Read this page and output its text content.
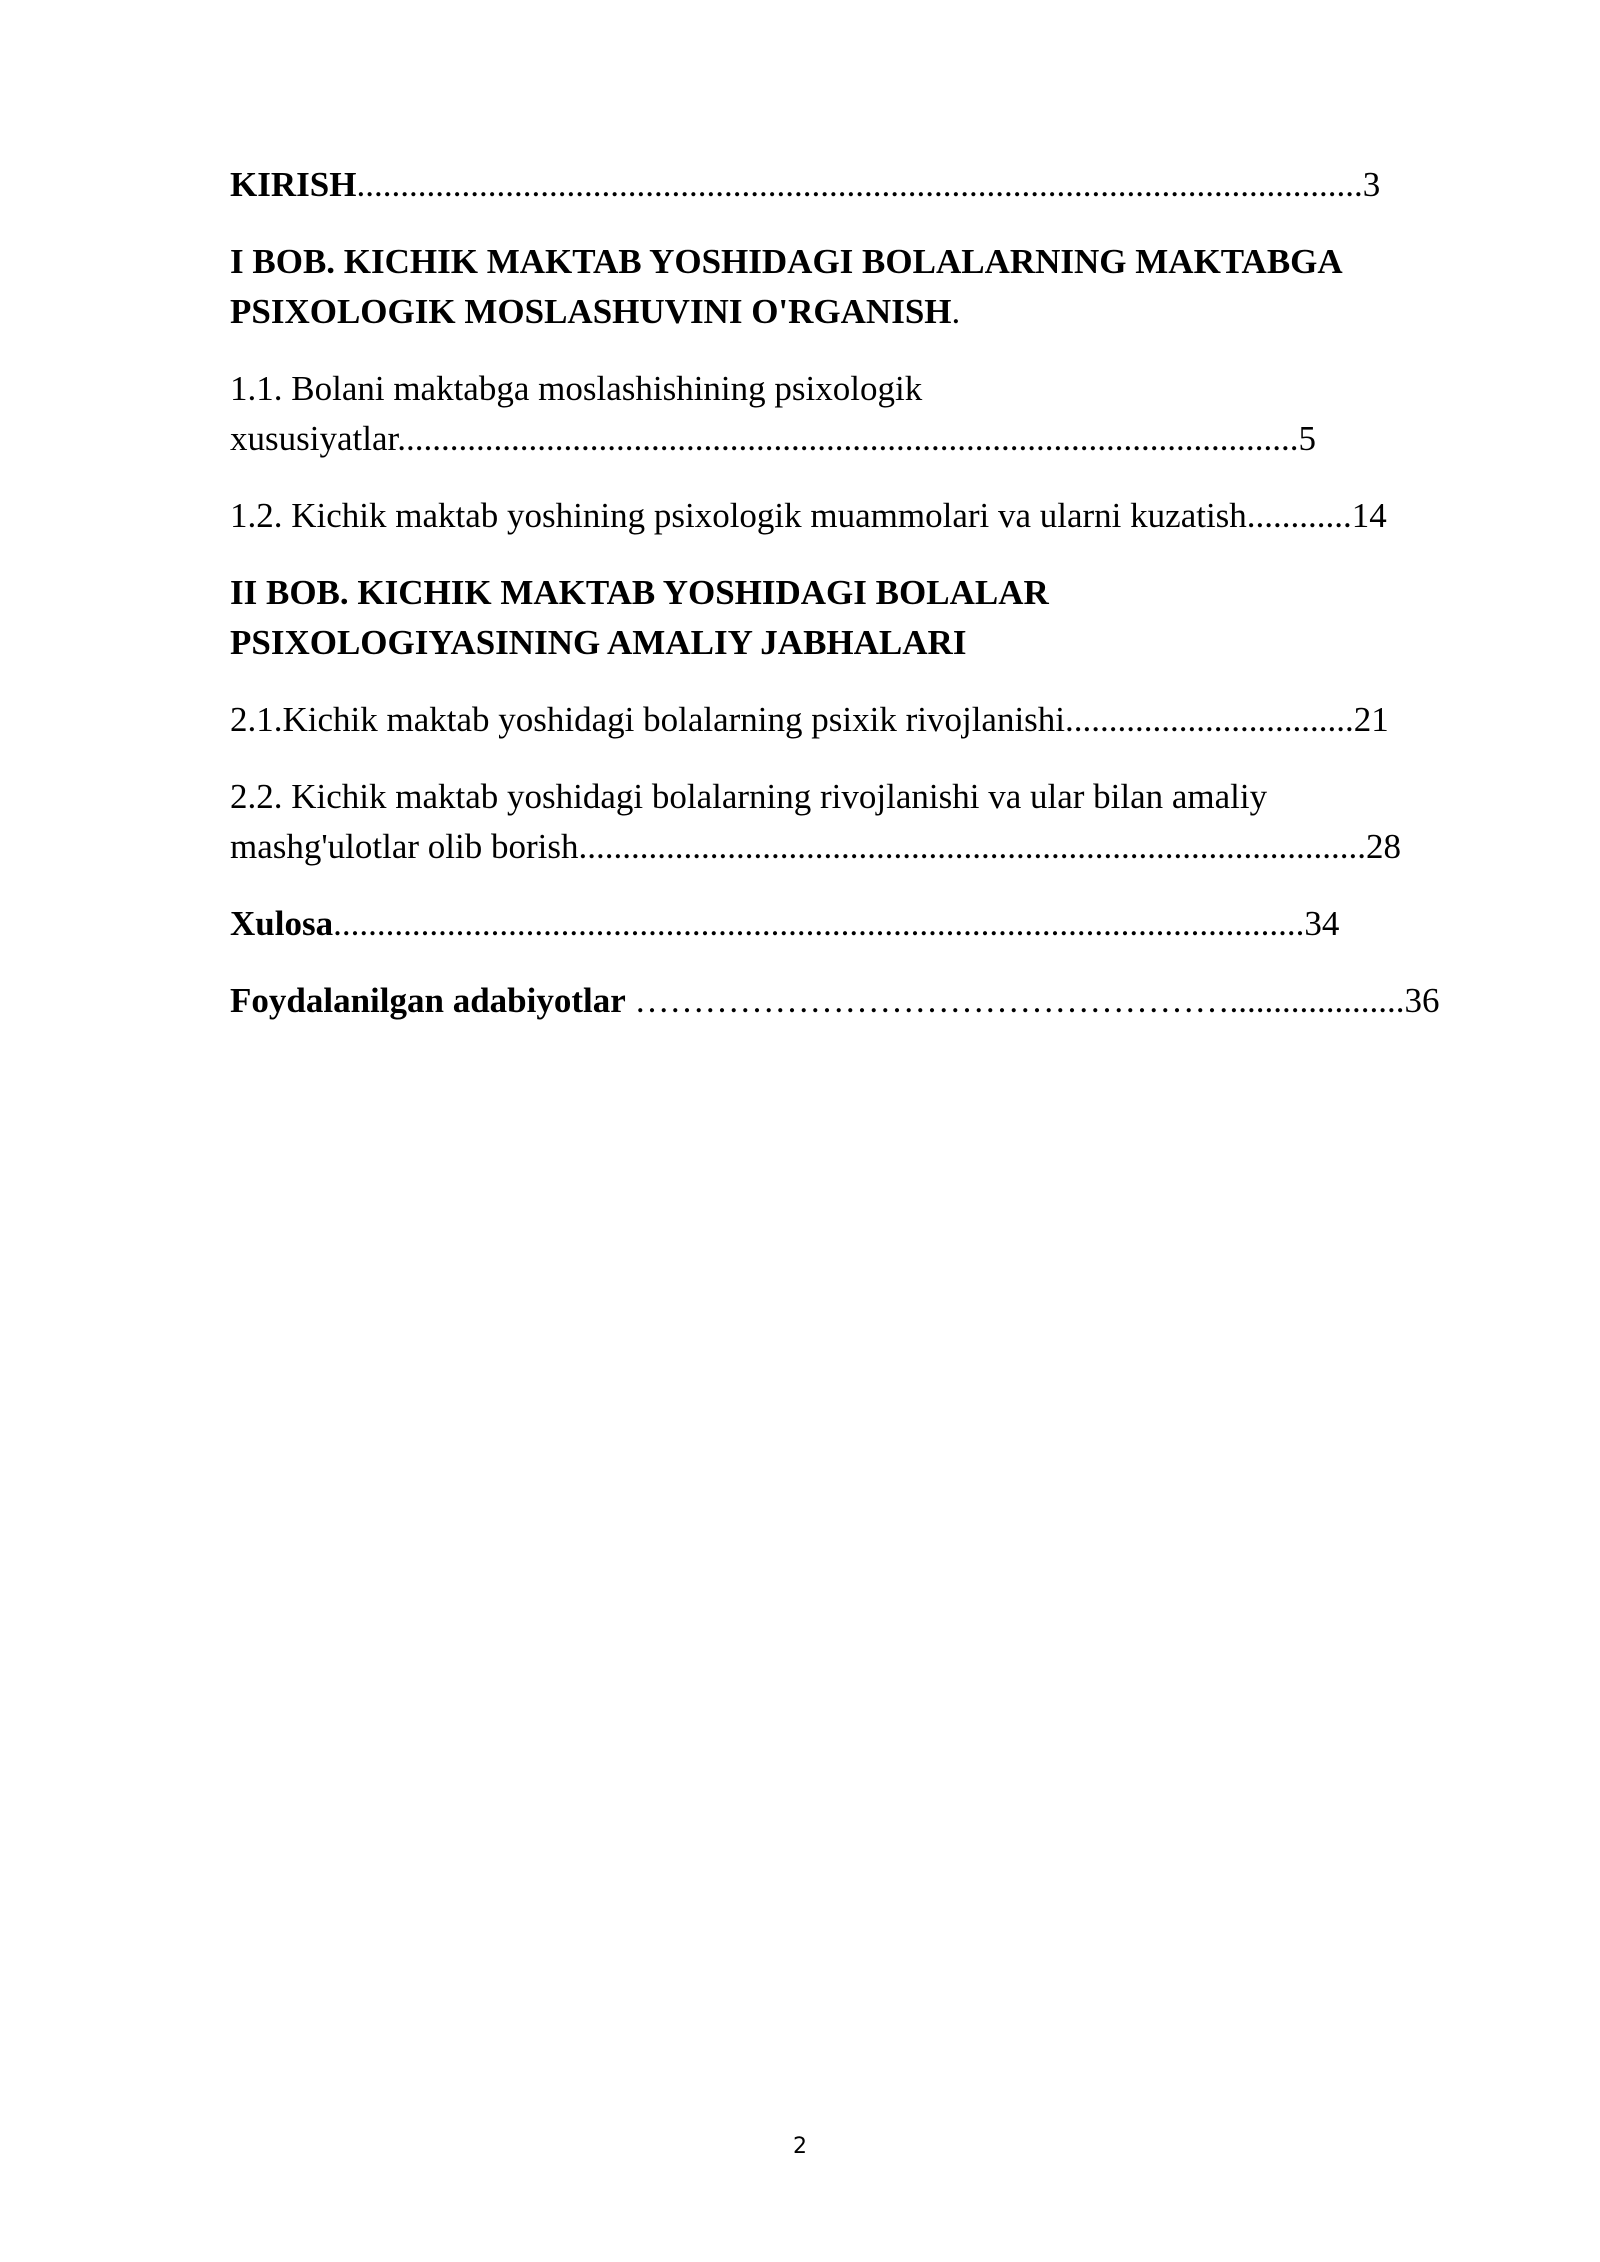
KIRISH...................................................................................................................3
I BOB. KICHIK MAKTAB YOSHIDAGI BOLALARNING MAKTABGA
PSIXOLOGIK MOSLASHUVINI O'RGANISH.
1.1. Bolani maktabga moslashishining psixologik
xususiyatlar.......................................................................................................5
1.2. Kichik maktab yoshining psixologik muammolari va ularni kuzatish............14
II BOB. KICHIK MAKTAB YOSHIDAGI BOLALAR
PSIXOLOGIYASINING AMALIY JABHALARI
2.1.Kichik maktab yoshidagi bolalarning psixik rivojlanishi.................................21
2.2. Kichik maktab yoshidagi bolalarning rivojlanishi va ular bilan amaliy
mashg'ulotlar olib borish..........................................................................................28
Xulosa...............................................................................................................34
Foydalanilgan adabiyotlar ……………………………………………....................36
2
